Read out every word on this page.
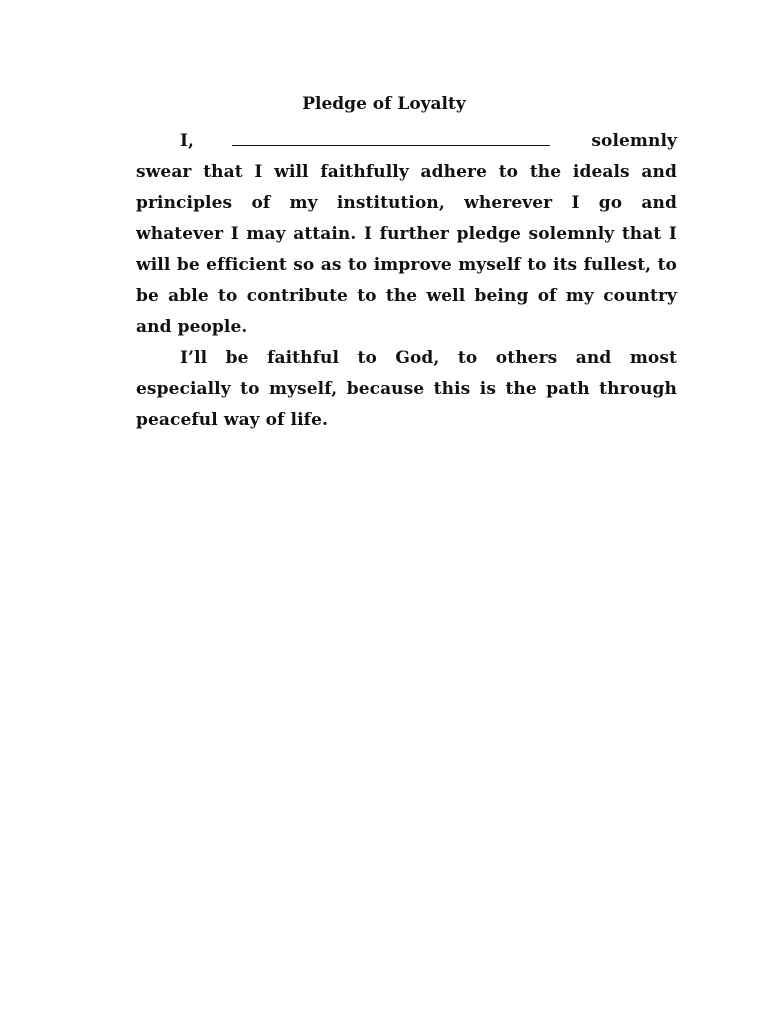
Pledge of Loyalty

I,	solemnly swear that I will faithfully adhere to the ideals and principles of my institution, wherever I go and whatever I may attain. I further pledge solemnly that I will be efficient so as to improve myself to its fullest, to be able to contribute to the well being of my country and people.

I’ll be faithful to God, to others and most especially to myself, because this is the path through peaceful way of life.
